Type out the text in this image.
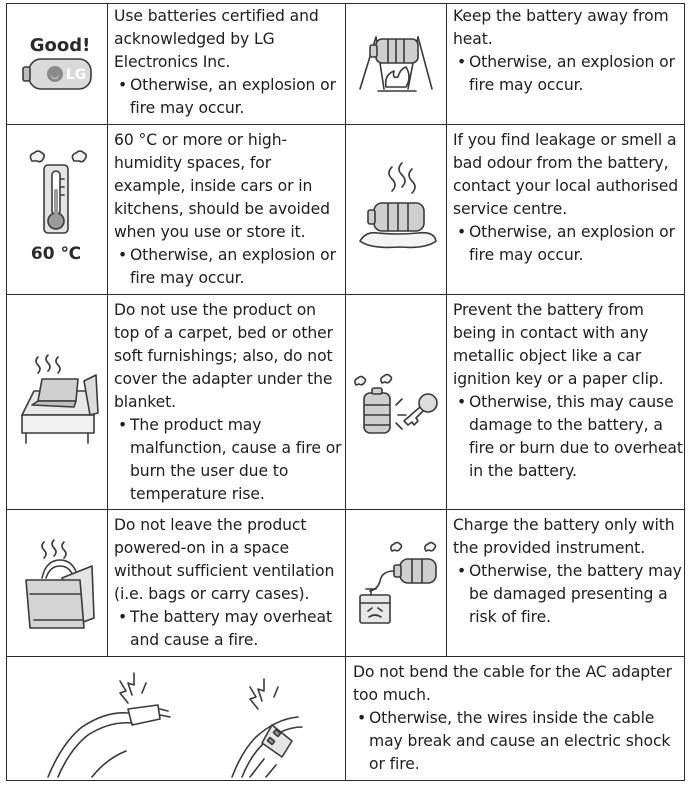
Good!
◡ LG

Use batteries certified and acknowledged by LG Electronics Inc.

• Otherwise, an explosion or fire may occur.

Keep the battery away from heat.

• Otherwise, an explosion or fire may occur.

60 ℃

60 °C or more or high-humidity spaces, for example, inside cars or in kitchens, should be avoided when you use or store it.

• Otherwise, an explosion or fire may occur.

If you find leakage or smell a bad odour from the battery, contact your local authorised service centre.

• Otherwise, an explosion or fire may occur.

Do not use the product on top of a carpet, bed or other soft furnishings; also, do not cover the adapter under the blanket.

• The product may malfunction, cause a fire or burn the user due to temperature rise.

Prevent the battery from being in contact with any metallic object like a car ignition key or a paper clip.

• Otherwise, this may cause damage to the battery, a fire or burn due to overheat in the battery.

Do not leave the product powered-on in a space without sufficient ventilation (i.e. bags or carry cases).

• The battery may overheat and cause a fire.

Charge the battery only with the provided instrument.

• Otherwise, the battery may be damaged presenting a risk of fire.

Do not bend the cable for the AC adapter too much.

• Otherwise, the wires inside the cable may break and cause an electric shock or fire.
